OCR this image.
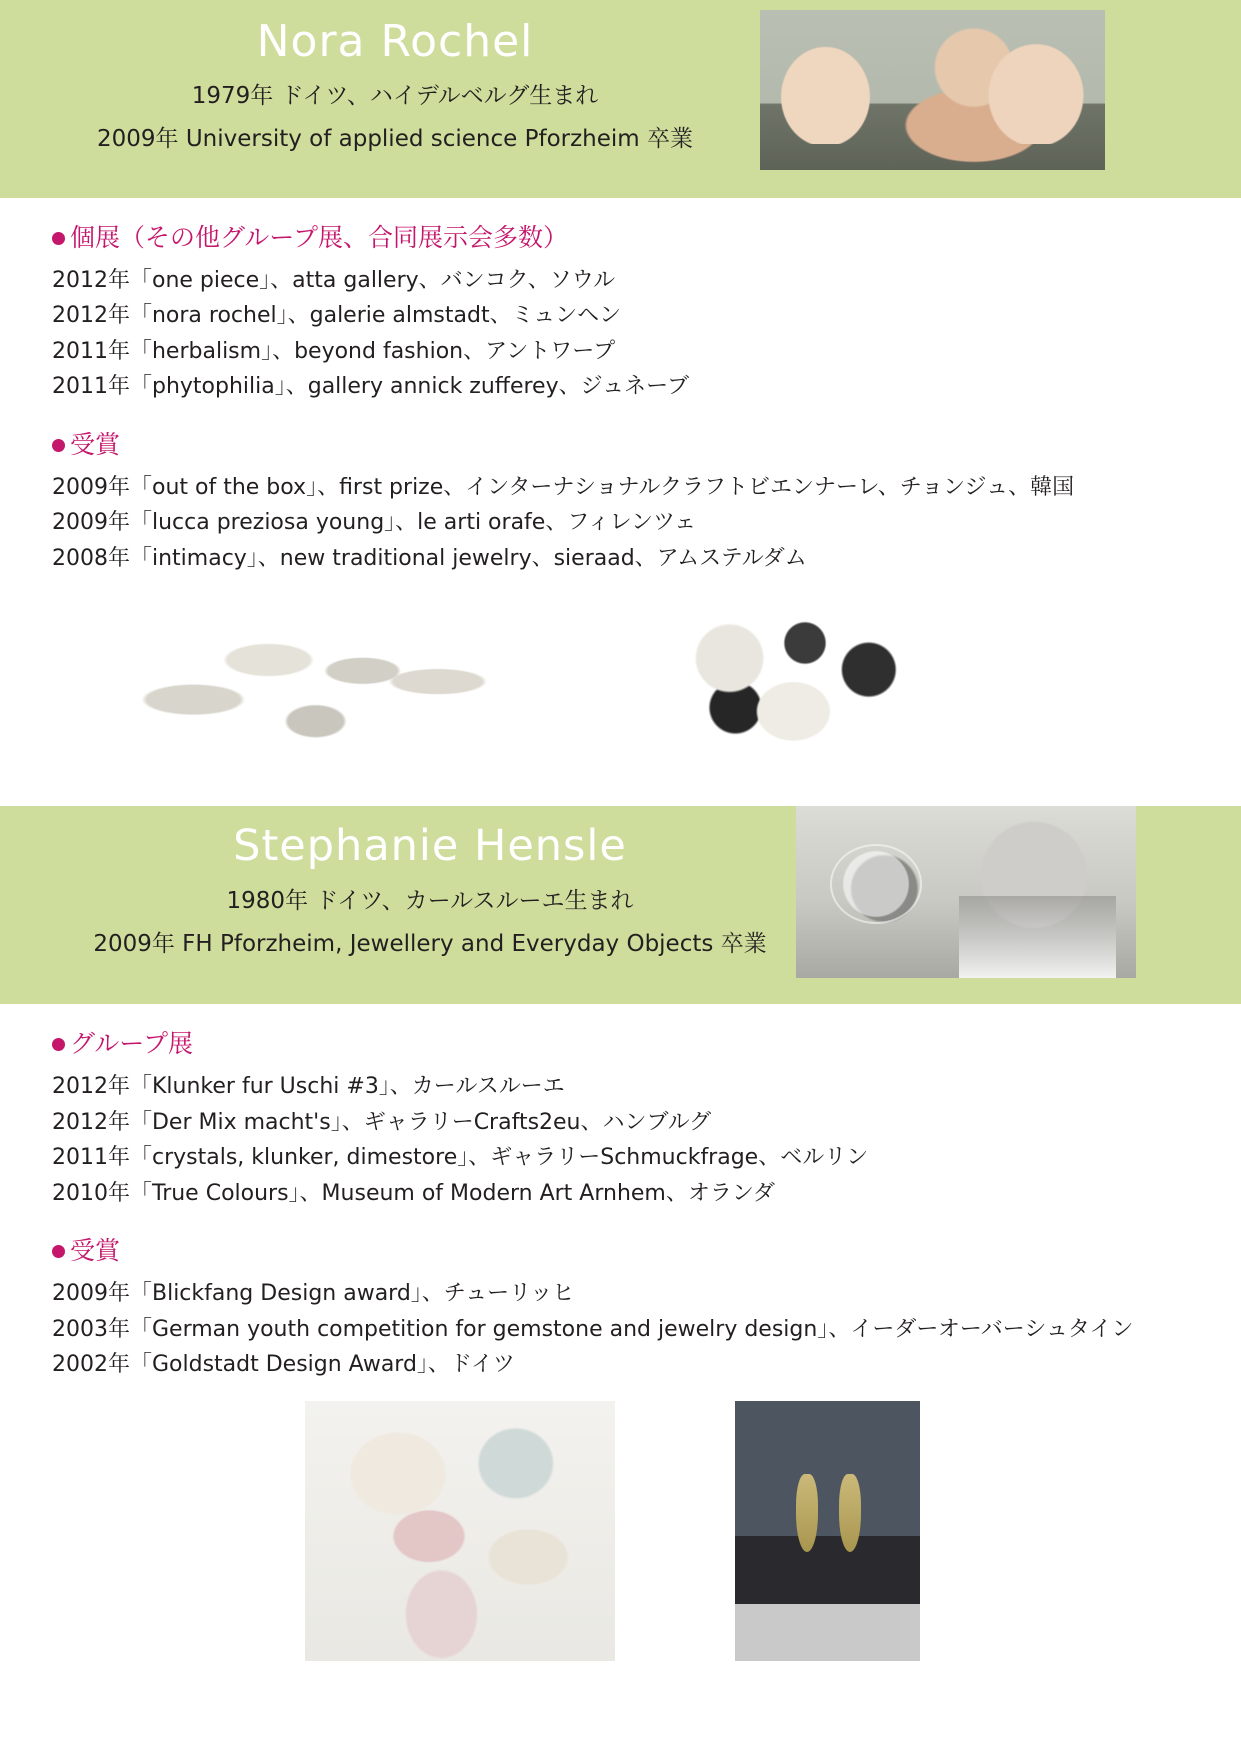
Nora Rochel
1979年 ドイツ、ハイデルベルグ生まれ
2009年 University of applied science Pforzheim 卒業
個展（その他グループ展、合同展示会多数）

2012年「one piece」、atta gallery、バンコク、ソウル

2012年「nora rochel」、galerie almstadt、ミュンヘン

2011年「herbalism」、beyond fashion、アントワープ

2011年「phytophilia」、gallery annick zufferey、ジュネーブ

受賞

2009年「out of the box」、first prize、インターナショナルクラフトビエンナーレ、チョンジュ、韓国

2009年「lucca preziosa young」、le arti orafe、フィレンツェ

2008年「intimacy」、new traditional jewelry、sieraad、アムステルダム

Stephanie Hensle
1980年 ドイツ、カールスルーエ生まれ
2009年 FH Pforzheim, Jewellery and Everyday Objects 卒業
グループ展

2012年「Klunker fur Uschi #3」、カールスルーエ

2012年「Der Mix macht's」、ギャラリーCrafts2eu、ハンブルグ

2011年「crystals, klunker, dimestore」、ギャラリーSchmuckfrage、ベルリン

2010年「True Colours」、Museum of Modern Art Arnhem、オランダ

受賞

2009年「Blickfang Design award」、チューリッヒ

2003年「German youth competition for gemstone and jewelry design」、イーダーオーバーシュタイン

2002年「Goldstadt Design Award」、ドイツ
